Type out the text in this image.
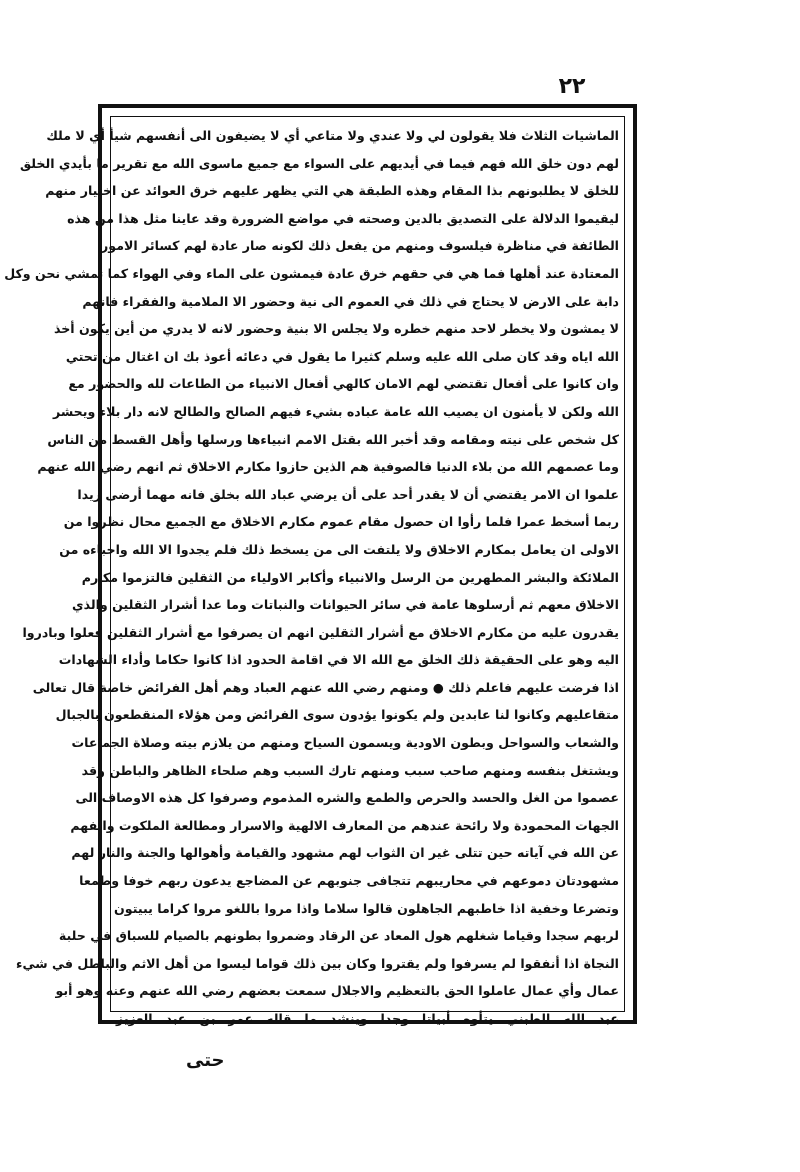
٢٢
الماشيات الثلاث فلا يقولون لي ولا عندي ولا متاعي أي لا يضيفون الى أنفسهم شيأ أي لا ملك
لهم دون خلق الله فهم فيما في أيديهم على السواء مع جميع ماسوى الله مع تقرير ما بأيدي الخلق
للخلق لا يطلبونهم بذا المقام وهذه الطبقة هي التي يظهر عليهم خرق العوائد عن اختيار منهم
ليقيموا الدلالة على التصديق بالدين وصحته في مواضع الضرورة وقد عاينا مثل هذا من هذه
الطائفة في مناظرة فيلسوف ومنهم من يفعل ذلك لكونه صار عادة لهم كسائر الامور
المعتادة عند أهلها فما هي في حقهم خرق عادة فيمشون على الماء وفي الهواء كما تمشي نحن وكل
دابة على الارض لا يحتاج في ذلك في العموم الى نية وحضور الا الملامية والفقراء فانهم
لا يمشون ولا يخطر لاحد منهم خطره ولا يجلس الا بنية وحضور لانه لا يدري من أين يكون أخذ
الله اياه وقد كان صلى الله عليه وسلم كثيرا ما يقول في دعائه أعوذ بك ان اغتال من تحتي
وان كانوا على أفعال تقتضي لهم الامان كالهي أفعال الانبياء من الطاعات لله والحضور مع
الله ولكن لا يأمنون ان يصيب الله عامة عباده بشيء فيهم الصالح والطالح لانه دار بلاء ويحشر
كل شخص على نيته ومقامه وقد أخبر الله بقتل الامم انبياءها ورسلها وأهل القسط من الناس
وما عصمهم الله من بلاء الدنيا فالصوفية هم الذين حازوا مكارم الاخلاق ثم انهم رضي الله عنهم
علموا ان الامر يقتضي أن لا يقدر أحد على أن يرضي عباد الله بخلق فانه مهما أرضى زيدا
ربما أسخط عمرا فلما رأوا ان حصول مقام عموم مكارم الاخلاق مع الجميع محال نظروا من
الاولى ان يعامل بمكارم الاخلاق ولا يلتفت الى من يسخط ذلك فلم يجدوا الا الله واحباءه من
الملائكة والبشر المطهرين من الرسل والانبياء وأكابر الاولياء من الثقلين فالتزموا مكارم
الاخلاق معهم ثم أرسلوها عامة في سائر الحيوانات والنباتات وما عدا أشرار الثقلين والذي
يقدرون عليه من مكارم الاخلاق مع أشرار الثقلين انهم ان يصرفوا مع أشرار الثقلين فعلوا وبادروا
اليه وهو على الحقيقة ذلك الخلق مع الله الا في اقامة الحدود اذا كانوا حكاما وأداء الشهادات
اذا فرضت عليهم فاعلم ذلك ● ومنهم رضي الله عنهم العباد وهم أهل الفرائض خاصة قال تعالى
متقاعليهم وكانوا لنا عابدين ولم يكونوا يؤدون سوى الفرائض ومن هؤلاء المنقطعون بالجبال
والشعاب والسواحل وبطون الاودية ويسمون السياح ومنهم من يلازم بيته وصلاة الجماعات
ويشتغل بنفسه ومنهم صاحب سبب ومنهم تارك السبب وهم صلحاء الظاهر والباطن وقد
عصموا من الغل والحسد والحرص والطمع والشره المذموم وصرفوا كل هذه الاوصاف الى
الجهات المحمودة ولا رائحة عندهم من المعارف الالهية والاسرار ومطالعة الملكوت والفهم
عن الله في آياته حين تتلى غير ان الثواب لهم مشهود والقيامة وأهوالها والجنة والنار لهم
مشهودتان دموعهم في محاريبهم تتجافى جنوبهم عن المضاجع يدعون ربهم خوفا وطمعا
وتضرعا وخفية اذا خاطبهم الجاهلون قالوا سلاما واذا مروا باللغو مروا كراما يبيتون
لربهم سجدا وقياما شغلهم هول المعاد عن الرقاد وضمروا بطونهم بالصيام للسباق في حلبة
النجاة اذا أنفقوا لم يسرفوا ولم يقتروا وكان بين ذلك قواما ليسوا من أهل الاثم والباطل في شيء
عمال وأي عمال عاملوا الحق بالتعظيم والاجلال سمعت بعضهم رضي الله عنهم وعنه وهو أبو
عبد الله الطبني يتأوه أبياتا وجدا وينشد ما قاله عمر بن عبد العزيز
حتى
